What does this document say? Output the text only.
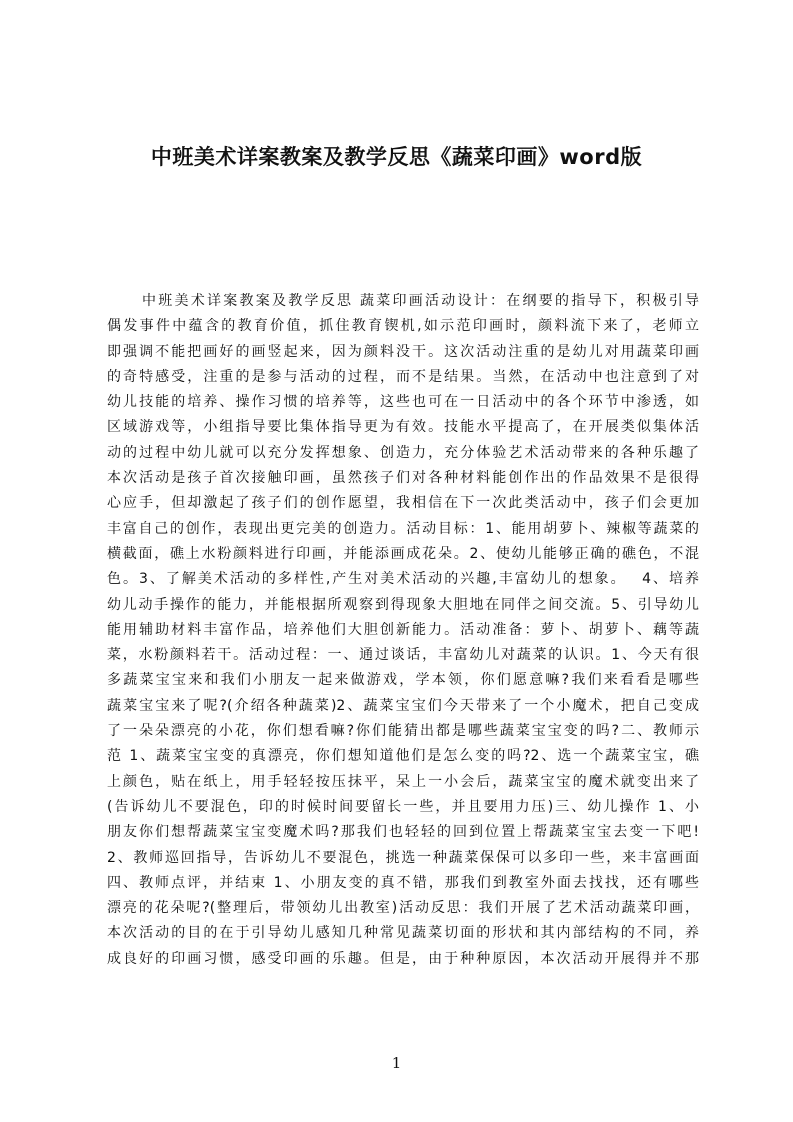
中班美术详案教案及教学反思《蔬菜印画》word版
中班美术详案教案及教学反思 蔬菜印画活动设计：在纲要的指导下，积极引导
偶发事件中蕴含的教育价值，抓住教育锲机,如示范印画时，颜料流下来了，老师立
即强调不能把画好的画竖起来，因为颜料没干。这次活动注重的是幼儿对用蔬菜印画
的奇特感受，注重的是参与活动的过程，而不是结果。当然，在活动中也注意到了对
幼儿技能的培养、操作习惯的培养等，这些也可在一日活动中的各个环节中渗透，如
区域游戏等，小组指导要比集体指导更为有效。技能水平提高了，在开展类似集体活
动的过程中幼儿就可以充分发挥想象、创造力，充分体验艺术活动带来的各种乐趣了
本次活动是孩子首次接触印画，虽然孩子们对各种材料能创作出的作品效果不是很得
心应手，但却激起了孩子们的创作愿望，我相信在下一次此类活动中，孩子们会更加
丰富自己的创作，表现出更完美的创造力。活动目标：1、能用胡萝卜、辣椒等蔬菜的
横截面，礁上水粉颜料进行印画，并能添画成花朵。2、使幼儿能够正确的礁色，不混
色。3、了解美术活动的多样性,产生对美术活动的兴趣,丰富幼儿的想象。　 4、培养
幼儿动手操作的能力，并能根据所观察到得现象大胆地在同伴之间交流。5、引导幼儿
能用辅助材料丰富作品，培养他们大胆创新能力。活动准备：萝卜、胡萝卜、藕等蔬
菜，水粉颜料若干。活动过程：一、通过谈话，丰富幼儿对蔬菜的认识。1、今天有很
多蔬菜宝宝来和我们小朋友一起来做游戏，学本领，你们愿意嘛?我们来看看是哪些
蔬菜宝宝来了呢?(介绍各种蔬菜)2、蔬菜宝宝们今天带来了一个小魔术，把自己变成
了一朵朵漂亮的小花，你们想看嘛?你们能猜出都是哪些蔬菜宝宝变的吗?二、教师示
范 1、蔬菜宝宝变的真漂亮，你们想知道他们是怎么变的吗?2、选一个蔬菜宝宝，礁
上颜色，贴在纸上，用手轻轻按压抹平，呆上一小会后，蔬菜宝宝的魔术就变出来了
(告诉幼儿不要混色，印的时候时间要留长一些，并且要用力压)三、幼儿操作 1、小
朋友你们想帮蔬菜宝宝变魔术吗?那我们也轻轻的回到位置上帮蔬菜宝宝去变一下吧!
2、教师巡回指导，告诉幼儿不要混色，挑选一种蔬菜保保可以多印一些，来丰富画面
四、教师点评，并结束 1、小朋友变的真不错，那我们到教室外面去找找，还有哪些
漂亮的花朵呢?(整理后，带领幼儿出教室)活动反思：我们开展了艺术活动蔬菜印画，
本次活动的目的在于引导幼儿感知几种常见蔬菜切面的形状和其内部结构的不同，养
成良好的印画习惯，感受印画的乐趣。但是，由于种种原因，本次活动开展得并不那
1
